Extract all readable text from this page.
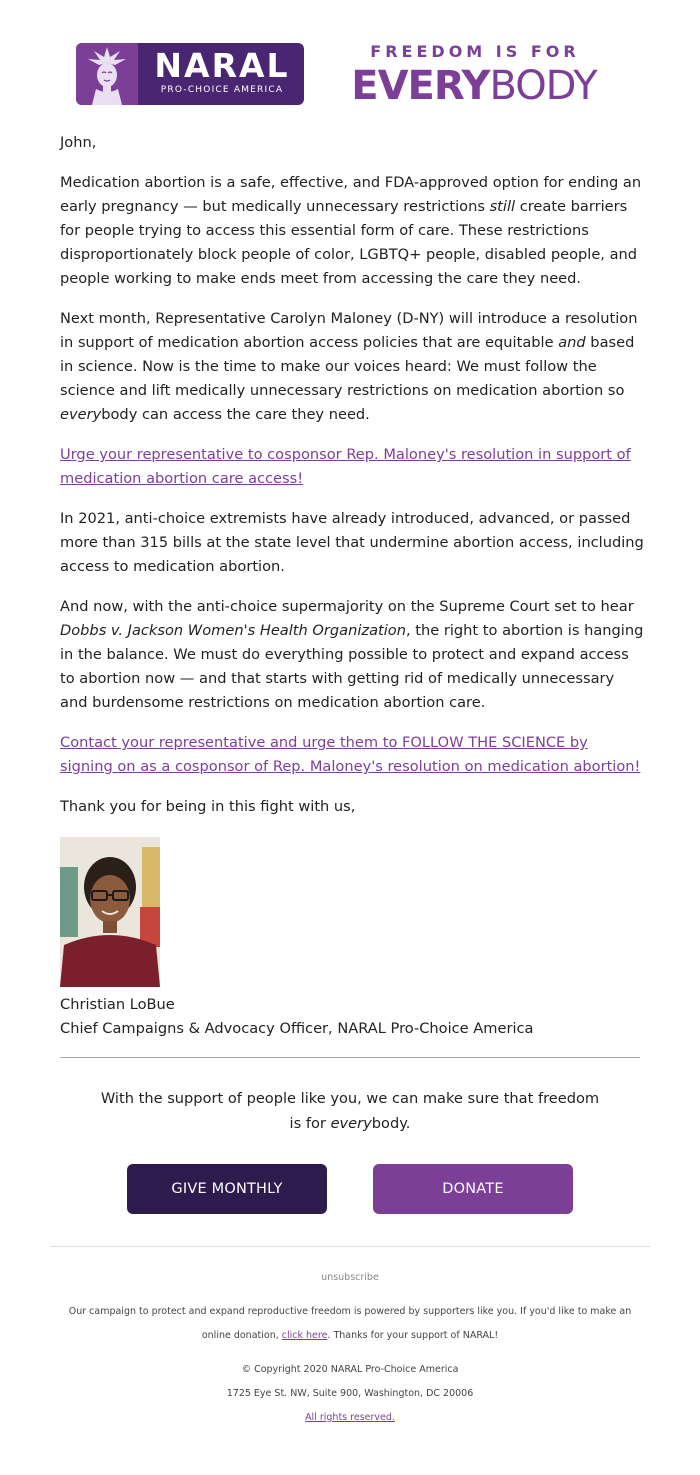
NARAL
PRO-CHOICE AMERICA
FREEDOM IS FOR
EVERYBODY

John,

Medication abortion is a safe, effective, and FDA-approved option for ending an early pregnancy — but medically unnecessary restrictions still create barriers for people trying to access this essential form of care. These restrictions disproportionately block people of color, LGBTQ+ people, disabled people, and people working to make ends meet from accessing the care they need.

Next month, Representative Carolyn Maloney (D-NY) will introduce a resolution in support of medication abortion access policies that are equitable and based in science. Now is the time to make our voices heard: We must follow the science and lift medically unnecessary restrictions on medication abortion so everybody can access the care they need.

Urge your representative to cosponsor Rep. Maloney's resolution in support of medication abortion care access!

In 2021, anti-choice extremists have already introduced, advanced, or passed more than 315 bills at the state level that undermine abortion access, including access to medication abortion.

And now, with the anti-choice supermajority on the Supreme Court set to hear Dobbs v. Jackson Women's Health Organization, the right to abortion is hanging in the balance. We must do everything possible to protect and expand access to abortion now — and that starts with getting rid of medically unnecessary and burdensome restrictions on medication abortion care.

Contact your representative and urge them to FOLLOW THE SCIENCE by signing on as a cosponsor of Rep. Maloney's resolution on medication abortion!

Thank you for being in this fight with us,

Christian LoBue
Chief Campaigns & Advocacy Officer, NARAL Pro-Choice America
With the support of people like you, we can make sure that freedom
is for everybody.
GIVE MONTHLY	DONATE
unsubscribe
Our campaign to protect and expand reproductive freedom is powered by supporters like you. If you'd like to make an online donation, click here. Thanks for your support of NARAL!
© Copyright 2020 NARAL Pro-Choice America
1725 Eye St. NW, Suite 900, Washington, DC 20006
All rights reserved.
